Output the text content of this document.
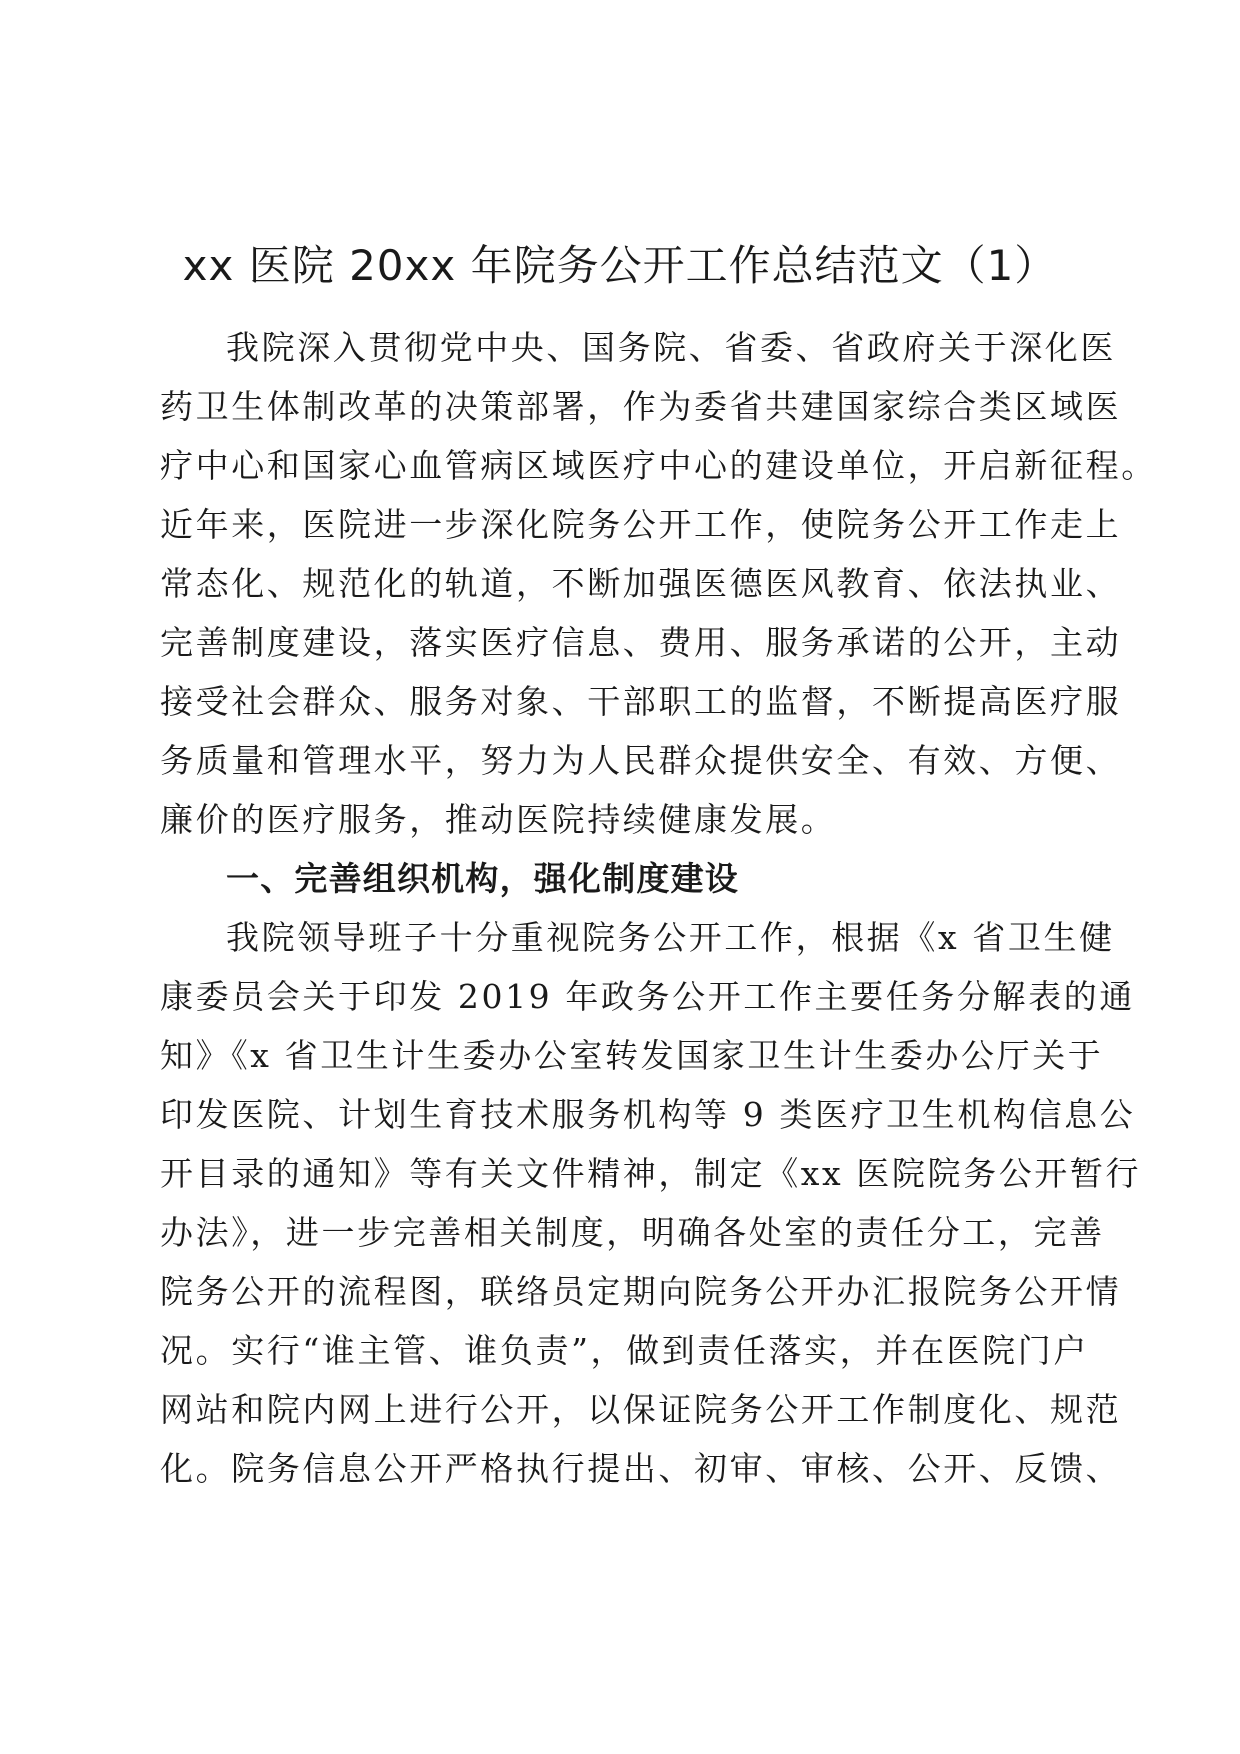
xx 医院 20xx 年院务公开工作总结范文（1）
我院深入贯彻党中央、国务院、省委、省政府关于深化医
药卫生体制改革的决策部署，作为委省共建国家综合类区域医
疗中心和国家心血管病区域医疗中心的建设单位，开启新征程。
近年来，医院进一步深化院务公开工作，使院务公开工作走上
常态化、规范化的轨道，不断加强医德医风教育、依法执业、
完善制度建设，落实医疗信息、费用、服务承诺的公开，主动
接受社会群众、服务对象、干部职工的监督，不断提高医疗服
务质量和管理水平，努力为人民群众提供安全、有效、方便、
廉价的医疗服务，推动医院持续健康发展。
一、完善组织机构，强化制度建设
我院领导班子十分重视院务公开工作，根据《x 省卫生健
康委员会关于印发 2019 年政务公开工作主要任务分解表的通
知》《x 省卫生计生委办公室转发国家卫生计生委办公厅关于
印发医院、计划生育技术服务机构等 9 类医疗卫生机构信息公
开目录的通知》等有关文件精神，制定《xx 医院院务公开暂行
办法》，进一步完善相关制度，明确各处室的责任分工，完善
院务公开的流程图，联络员定期向院务公开办汇报院务公开情
况。实行“谁主管、谁负责”，做到责任落实，并在医院门户
网站和院内网上进行公开，以保证院务公开工作制度化、规范
化。院务信息公开严格执行提出、初审、审核、公开、反馈、
